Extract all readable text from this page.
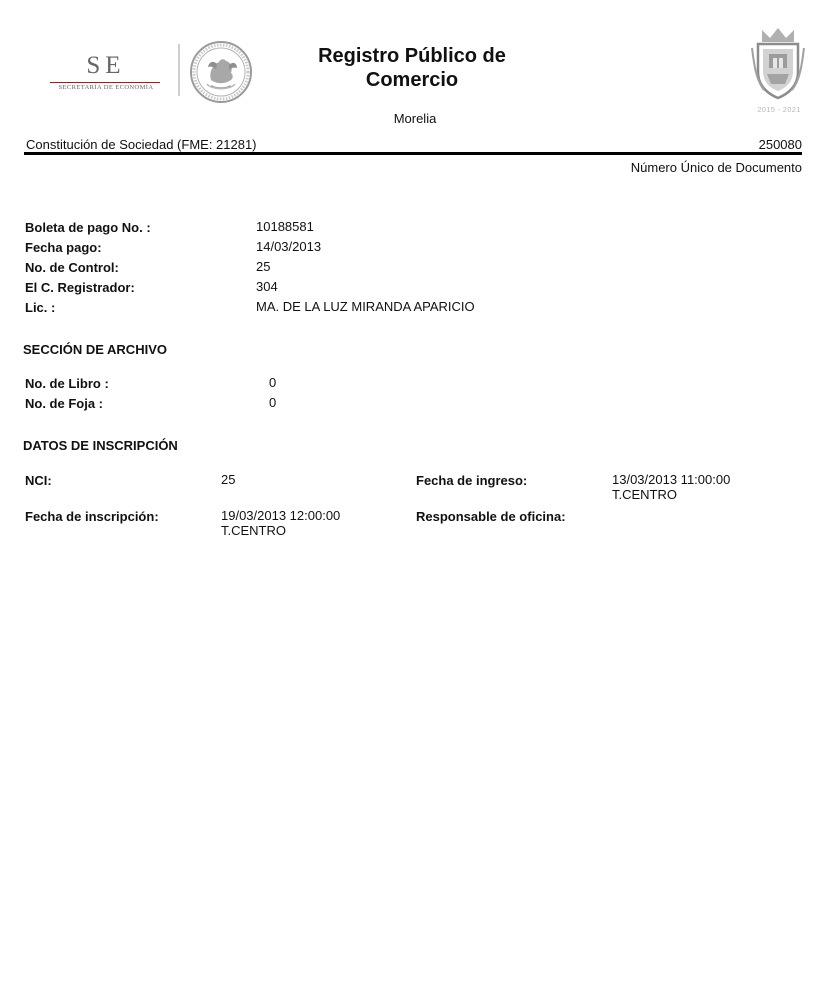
SE
SECRETARÍA DE ECONOMÍA
Registro Público de
Comercio
Morelia
2015 - 2021
Constitución de Sociedad (FME: 21281)	250080
Número Único de Documento
Boleta de pago No. :	10188581
Fecha pago:	14/03/2013
No. de Control:	25
El C. Registrador:	304
Lic. :	MA. DE LA LUZ MIRANDA APARICIO
SECCIÓN DE ARCHIVO
No. de Libro :	0
No. de Foja :	0
DATOS DE INSCRIPCIÓN
NCI:	25	Fecha de ingreso:	13/03/2013 11:00:00
T.CENTRO
Fecha de inscripción:	19/03/2013 12:00:00
T.CENTRO
Responsable de oficina:
